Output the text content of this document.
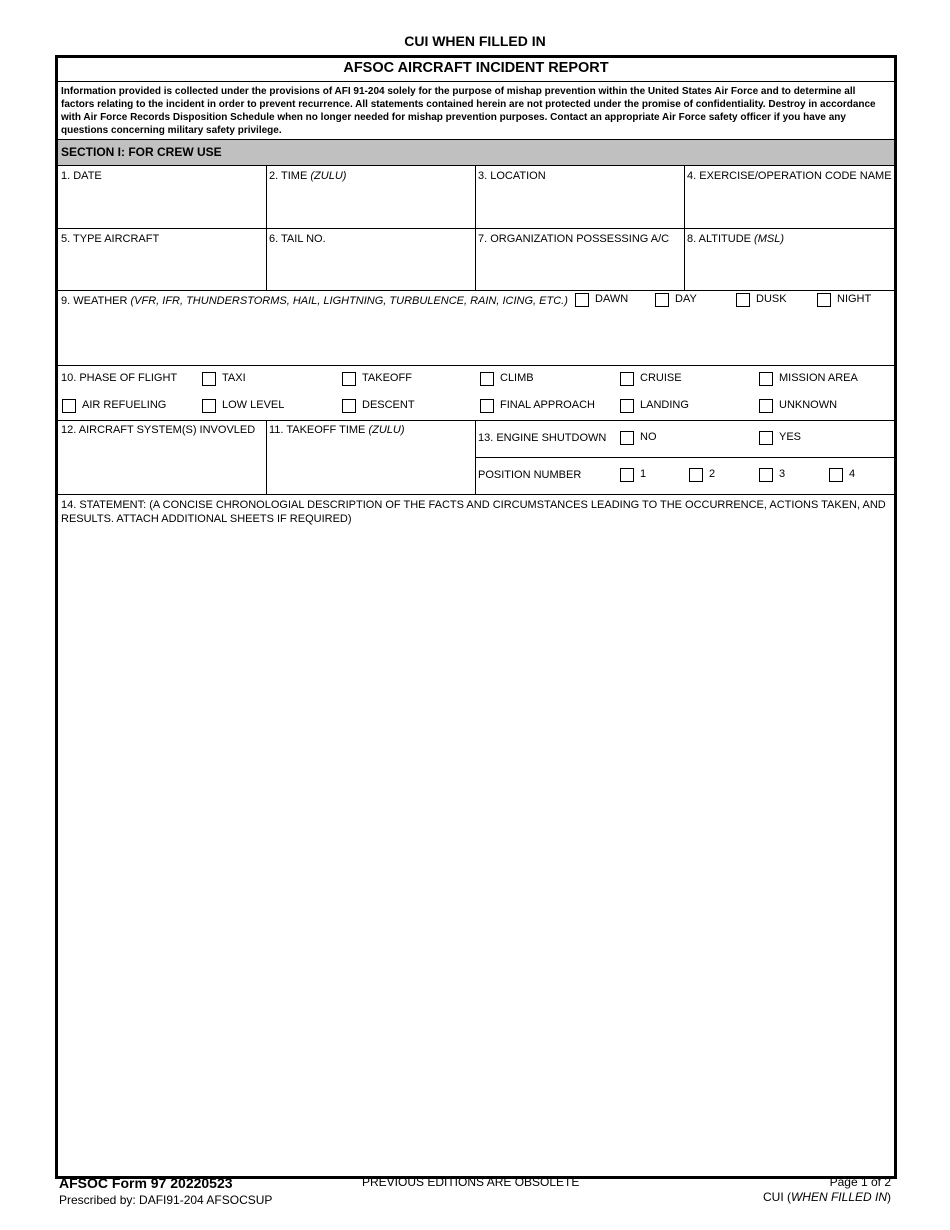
CUI WHEN FILLED IN
AFSOC AIRCRAFT INCIDENT REPORT
Information provided is collected under the provisions of AFI 91-204 solely for the purpose of mishap prevention within the United States Air Force and to determine all factors relating to the incident in order to prevent recurrence. All statements contained herein are not protected under the promise of confidentiality. Destroy in accordance with Air Force Records Disposition Schedule when no longer needed for mishap prevention purposes. Contact an appropriate Air Force safety officer if you have any questions concerning military safety privilege.
SECTION I: FOR CREW USE
1. DATE	2. TIME (ZULU)	3. LOCATION	4. EXERCISE/OPERATION CODE NAME
5. TYPE AIRCRAFT	6. TAIL NO.	7. ORGANIZATION POSSESSING A/C 8. ALTITUDE (MSL)
9. WEATHER (VFR, IFR, THUNDERSTORMS, HAIL, LIGHTNING, TURBULENCE, RAIN, ICING, ETC.) DAWN	DAY	DUSK	NIGHT
10. PHASE OF FLIGHT	TAXI	TAKEOFF	CLIMB	CRUISE	MISSION AREA
AIR REFUELING	LOW LEVEL	DESCENT	FINAL APPROACH	LANDING	UNKNOWN
12. AIRCRAFT SYSTEM(S) INVOVLED 11. TAKEOFF TIME (ZULU)
13. ENGINE SHUTDOWN	NO	YES
POSITION NUMBER	1	2	3	4
14. STATEMENT: (A CONCISE CHRONOLOGIAL DESCRIPTION OF THE FACTS AND CIRCUMSTANCES LEADING TO THE OCCURRENCE, ACTIONS TAKEN, AND RESULTS. ATTACH ADDITIONAL SHEETS IF REQUIRED)
AFSOC Form 97 20220523
Prescribed by: DAFI91-204 AFSOCSUP
PREVIOUS EDITIONS ARE OBSOLETE	Page 1 of 2
CUI (WHEN FILLED IN)
